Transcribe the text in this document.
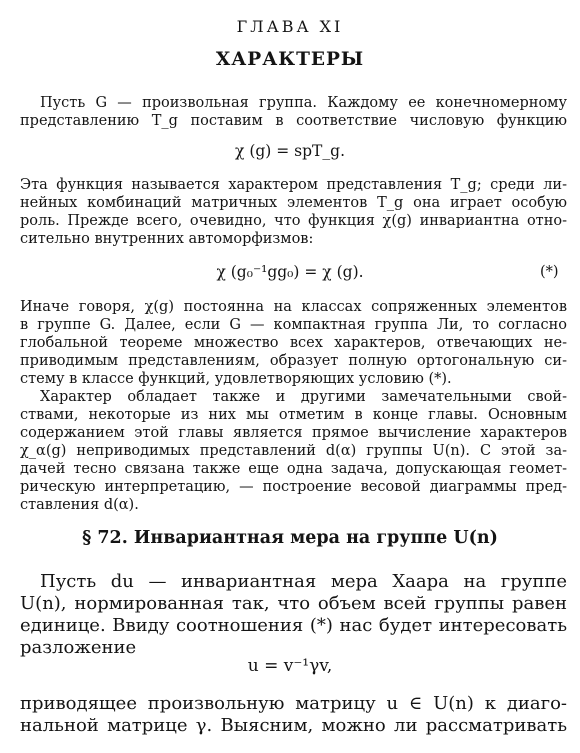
ГЛАВА XI
ХАРАКТЕРЫ
Пусть G — произвольная группа. Каждому ее конечномерному
представлению T_g поставим в соответствие числовую функцию
χ (g) = spT_g.
Эта функция называется характером представления T_g; среди ли-
нейных комбинаций матричных элементов T_g она играет особую
роль. Прежде всего, очевидно, что функция χ(g) инвариантна отно-
сительно внутренних автоморфизмов:
χ (g₀⁻¹gg₀) = χ (g).	(*)
Иначе говоря, χ(g) постоянна на классах сопряженных элементов
в группе G. Далее, если G — компактная группа Ли, то согласно
глобальной теореме множество всех характеров, отвечающих не-
приводимым представлениям, образует полную ортогональную си-
стему в классе функций, удовлетворяющих условию (*).
Характер обладает также и другими замечательными свой-
ствами, некоторые из них мы отметим в конце главы. Основным
содержанием этой главы является прямое вычисление характеров
χ_α(g) неприводимых представлений d(α) группы U(n). С этой за-
дачей тесно связана также еще одна задача, допускающая геомет-
рическую интерпретацию, — построение весовой диаграммы пред-
ставления d(α).
§ 72. Инвариантная мера на группе U(n)
Пусть du — инвариантная мера Хаара на группе
U(n), нормированная так, что объем всей группы равен
единице. Ввиду соотношения (*) нас будет интересовать
разложение
u = v⁻¹γv,
приводящее произвольную матрицу u ∈ U(n) к диаго-
нальной матрице γ. Выясним, можно ли рассматривать
